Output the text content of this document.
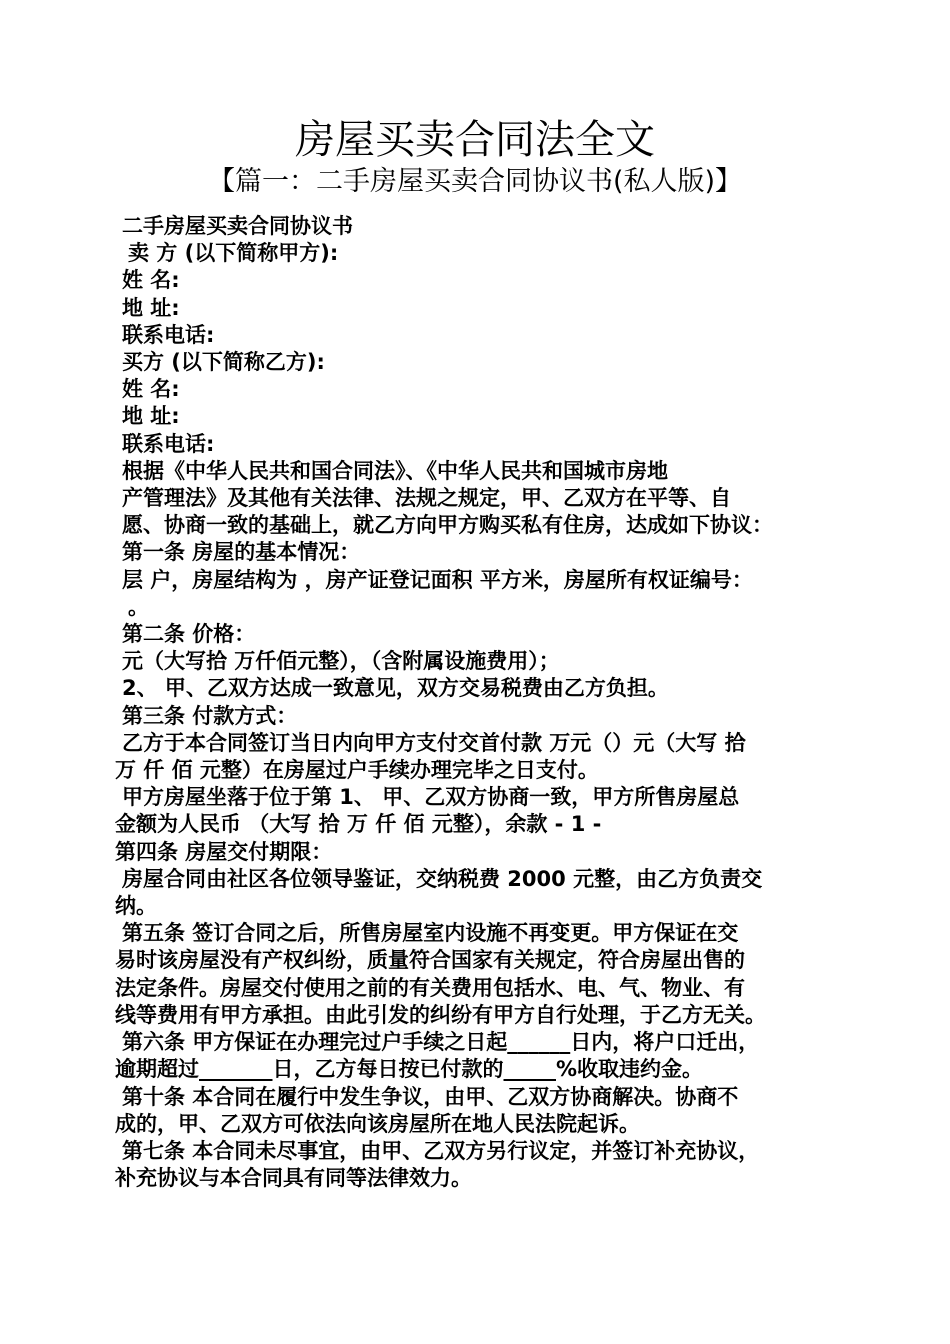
房屋买卖合同法全文
【篇一：二手房屋买卖合同协议书(私人版)】
二手房屋买卖合同协议书
卖 方 (以下简称甲方):
姓 名:
地 址:
联系电话:
买方 (以下简称乙方):
姓 名:
地 址:
联系电话:
根据《中华人民共和国合同法》、《中华人民共和国城市房地
产管理法》及其他有关法律、法规之规定，甲、乙双方在平等、自
愿、协商一致的基础上，就乙方向甲方购买私有住房，达成如下协议：
第一条 房屋的基本情况：
层 户，房屋结构为 ，房产证登记面积 平方米，房屋所有权证编号：
。
第二条 价格：
元（大写拾 万仟佰元整），（含附属设施费用）；
2、 甲、乙双方达成一致意见，双方交易税费由乙方负担。
第三条 付款方式：
乙方于本合同签订当日内向甲方支付交首付款 万元（）元（大写 拾
万 仟 佰 元整）在房屋过户手续办理完毕之日支付。
甲方房屋坐落于位于第 1、 甲、乙双方协商一致，甲方所售房屋总
金额为人民币 （大写 拾 万 仟 佰 元整），余款 - 1 -
第四条 房屋交付期限：
房屋合同由社区各位领导鉴证，交纳税费 2000 元整，由乙方负责交
纳。
第五条 签订合同之后，所售房屋室内设施不再变更。甲方保证在交
易时该房屋没有产权纠纷，质量符合国家有关规定，符合房屋出售的
法定条件。房屋交付使用之前的有关费用包括水、电、气、物业、有
线等费用有甲方承担。由此引发的纠纷有甲方自行处理，于乙方无关。
第六条 甲方保证在办理完过户手续之日起______日内，将户口迁出，
逾期超过_______日，乙方每日按已付款的_____%收取违约金。
第十条 本合同在履行中发生争议，由甲、乙双方协商解决。协商不
成的，甲、乙双方可依法向该房屋所在地人民法院起诉。
第七条 本合同未尽事宜，由甲、乙双方另行议定，并签订补充协议，
补充协议与本合同具有同等法律效力。
